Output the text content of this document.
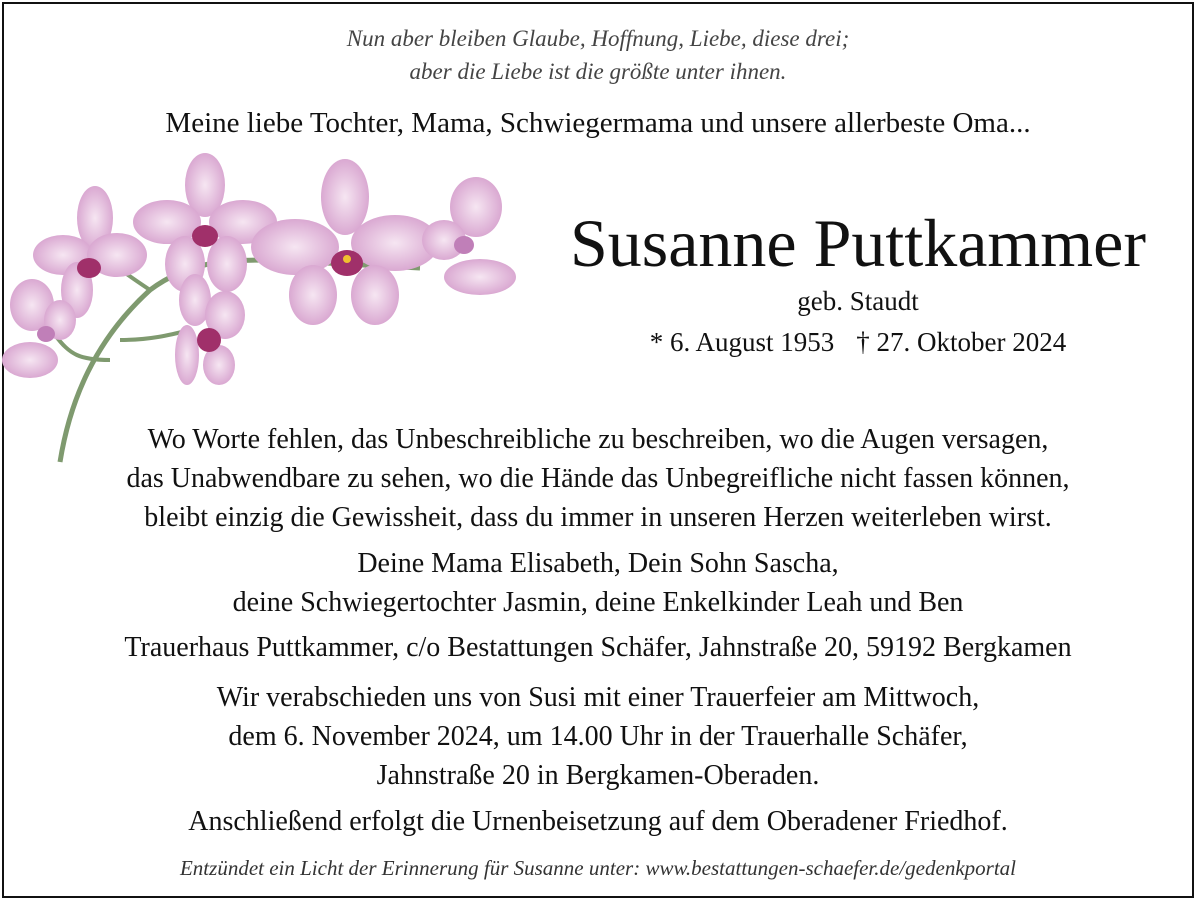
Nun aber bleiben Glaube, Hoffnung, Liebe, diese drei;
aber die Liebe ist die größte unter ihnen.
Meine liebe Tochter, Mama, Schwiegermama und unsere allerbeste Oma...
Susanne Puttkammer
geb. Staudt
* 6. August 1953 † 27. Oktober 2024
Wo Worte fehlen, das Unbeschreibliche zu beschreiben, wo die Augen versagen,
das Unabwendbare zu sehen, wo die Hände das Unbegreifliche nicht fassen können,
bleibt einzig die Gewissheit, dass du immer in unseren Herzen weiterleben wirst.
Deine Mama Elisabeth, Dein Sohn Sascha,
deine Schwiegertochter Jasmin, deine Enkelkinder Leah und Ben
Trauerhaus Puttkammer, c/o Bestattungen Schäfer, Jahnstraße 20, 59192 Bergkamen
Wir verabschieden uns von Susi mit einer Trauerfeier am Mittwoch,
dem 6. November 2024, um 14.00 Uhr in der Trauerhalle Schäfer,
Jahnstraße 20 in Bergkamen-Oberaden.
Anschließend erfolgt die Urnenbeisetzung auf dem Oberadener Friedhof.
Entzündet ein Licht der Erinnerung für Susanne unter: www.bestattungen-schaefer.de/gedenkportal
